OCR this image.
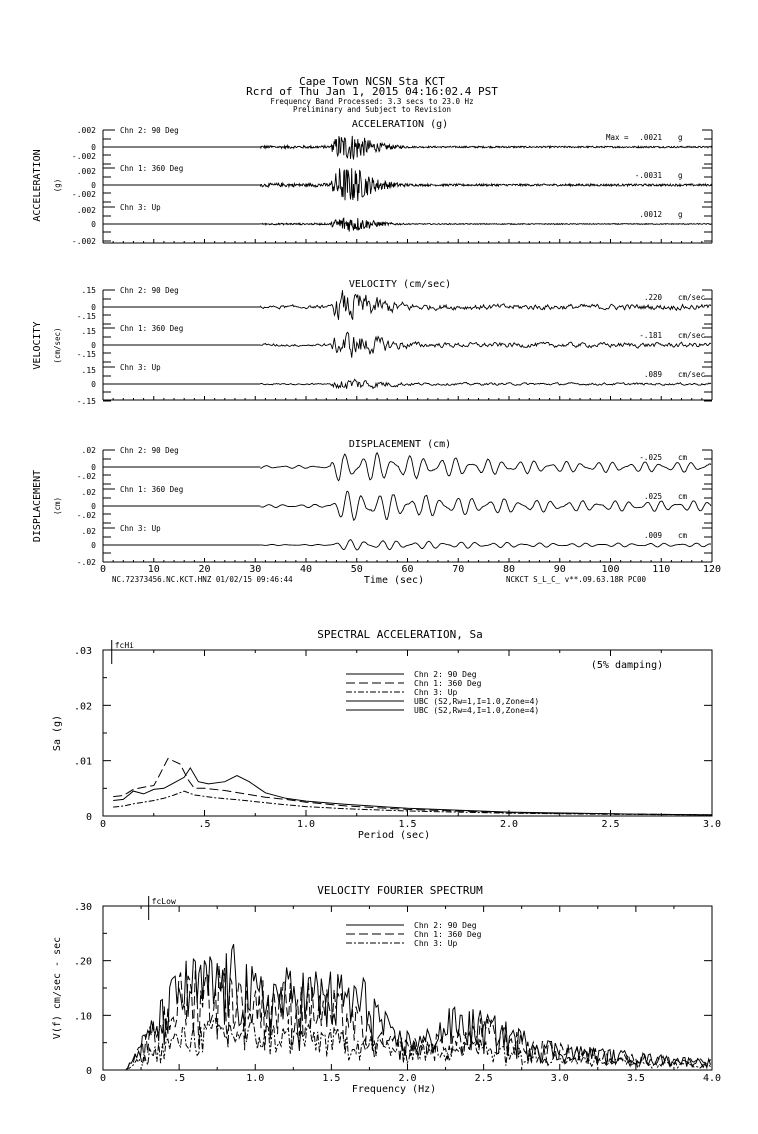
Cape Town NCSN Sta KCT
Rcrd of Thu Jan 1, 2015 04:16:02.4 PST
Frequency Band Processed: 3.3 secs to 23.0 Hz
Preliminary and Subject to Revision
ACCELERATION (g)
ACCELERATION (g)
.002
0
-.002
Chn 2: 90 Deg
Max = .0021 g
.002
0
-.002
Chn 1: 360 Deg
-.0031 g
.002
0
-.002
Chn 3: Up
.0012 g
VELOCITY (cm/sec)
VELOCITY (cm/sec)
.15
0
-.15
Chn 2: 90 Deg
.220 cm/sec
.15
0
-.15
Chn 1: 360 Deg
-.181 cm/sec
.15
0
-.15
Chn 3: Up
.089 cm/sec
DISPLACEMENT (cm)
DISPLACEMENT (cm)
.02
0
-.02
Chn 2: 90 Deg
-.025 cm
.02
0
-.02
Chn 1: 360 Deg
.025 cm
.02
0
-.02
Chn 3: Up
.009 cm
0	10	20	30	40	50	60	70	80	90	100	110	120
Time (sec)
SPECTRAL ACCELERATION, Sa
0	.5	1.0	1.5	2.0	2.5	3.0
0
.01
.02
.03
Period (sec)
Sa (g)
fcHi
(5% damping)
Chn 2: 90 Deg
Chn 1: 360 Deg
Chn 3: Up
UBC (S2,Rw=1,I=1.0,Zone=4)
UBC (S2,Rw=4,I=1.0,Zone=4)
VELOCITY FOURIER SPECTRUM
0	.5	1.0	1.5	2.0	2.5	3.0	3.5	4.0
0
.10
.20
.30
Frequency (Hz)
V(f) cm/sec - sec
fcLow
Chn 2: 90 Deg
Chn 1: 360 Deg
Chn 3: Up
NC.72373456.NC.KCT.HNZ 01/02/15 09:46:44	NCKCT S_L_C_ v**.09.63.18R PC00
